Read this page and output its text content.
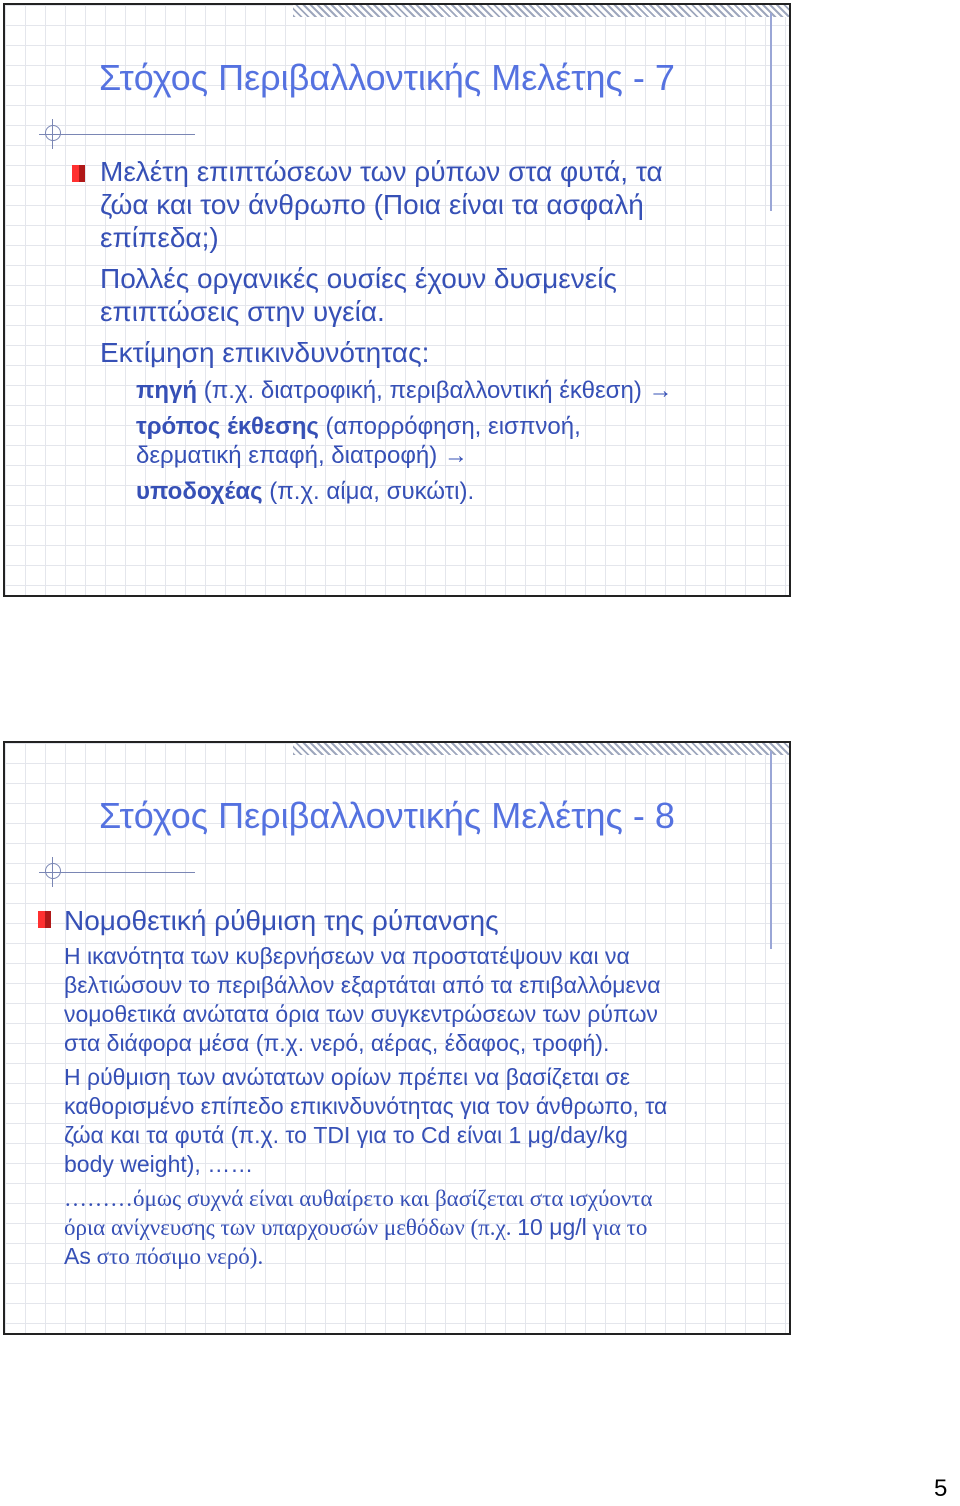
Στόχος Περιβαλλοντικής Μελέτης - 7
Μελέτη επιπτώσεων των ρύπων στα φυτά, τα
ζώα και τον άνθρωπο (Ποια είναι τα ασφαλή
επίπεδα;)
Πολλές οργανικές ουσίες έχουν δυσμενείς
επιπτώσεις στην υγεία.
Εκτίμηση επικινδυνότητας:
πηγή (π.χ. διατροφική, περιβαλλοντική έκθεση) →
τρόπος έκθεσης (απορρόφηση, εισπνοή,
δερματική επαφή, διατροφή) →
υποδοχέας (π.χ. αίμα, συκώτι).
Στόχος Περιβαλλοντικής Μελέτης - 8
Νομοθετική ρύθμιση της ρύπανσης
Η ικανότητα των κυβερνήσεων να προστατέψουν και να
βελτιώσουν το περιβάλλον εξαρτάται από τα επιβαλλόμενα
νομοθετικά ανώτατα όρια των συγκεντρώσεων των ρύπων
στα διάφορα μέσα (π.χ. νερό, αέρας, έδαφος, τροφή).
Η ρύθμιση των ανώτατων ορίων πρέπει να βασίζεται σε
καθορισμένο επίπεδο επικινδυνότητας για τον άνθρωπο, τα
ζώα και τα φυτά (π.χ. το TDI για το Cd είναι 1 μg/day/kg
body weight), ……
………όμως συχνά είναι αυθαίρετο και βασίζεται στα ισχύοντα
όρια ανίχνευσης των υπαρχουσών μεθόδων (π.χ. 10 μg/l για το
As στο πόσιμο νερό).
5
